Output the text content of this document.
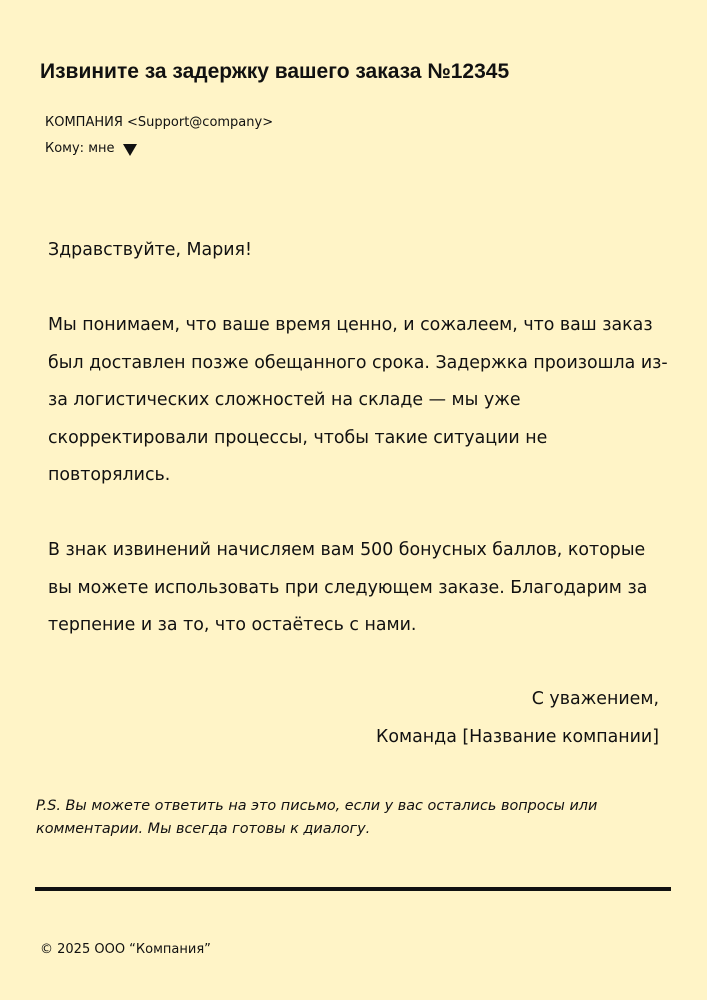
Извините за задержку вашего заказа №12345
КОМПАНИЯ <Support@company>
Кому: мне

Здравствуйте, Мария!

Мы понимаем, что ваше время ценно, и сожалеем, что ваш заказ был доставлен позже обещанного срока. Задержка произошла из-за логистических сложностей на складе — мы уже скорректировали процессы, чтобы такие ситуации не повторялись.

В знак извинений начисляем вам 500 бонусных баллов, которые вы можете использовать при следующем заказе. Благодарим за терпение и за то, что остаётесь с нами.

С уважением,
Команда [Название компании]

P.S. Вы можете ответить на это письмо, если у вас остались вопросы или комментарии. Мы всегда готовы к диалогу.

© 2025 ООО “Компания”
